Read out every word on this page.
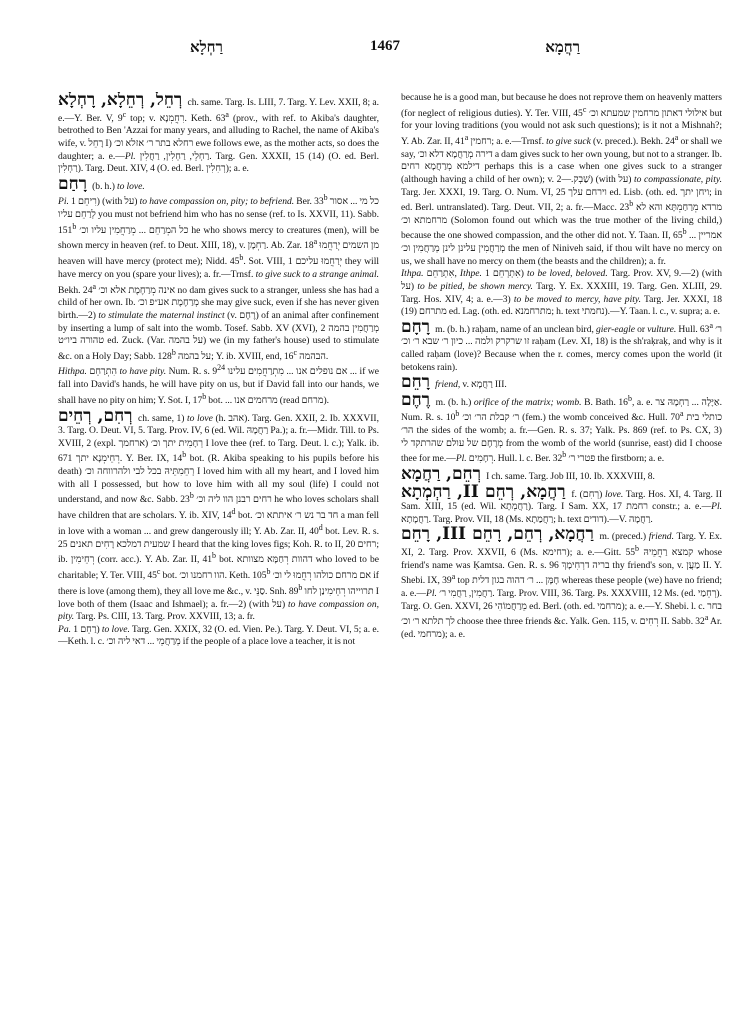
רַחְלָא	1467	רַחֲמָא

רְחֵל, רְחֵלָא, רָחְלָא ch. same. Targ. Is. LIII, 7. Targ. Y. Lev. XXII, 8; a. e.—Y. Ber. V, 9$^c$ top; v. רִחֲמְנָא. Keth. 63$^a$ (prov., with ref. to Akiba's daughter, betrothed to Ben 'Azzai for many years, and alluding to Rachel, the name of Akiba's wife, v. רָחֵל I) רחלא בתר ר׳ אזלא וכ׳ ewe follows ewe, as the mother acts, so does the daughter; a. e.—Pl. רַחְלֵי, רַחְלִין, רַחֲלִין. Targ. Gen. XXXII, 15 (14) (O. ed. Berl. רַחְלִין). Targ. Deut. XIV, 4 (O. ed. Berl. רְחִלִין); a. e.

רָחַם (b. h.) to love.
Pi. רִיחֵם 1) (with על) to have compassion on, pity; to befriend. Ber. 33$^b$ כל מי ... אסור לְרַחֵם עליו you must not befriend him who has no sense (ref. to Is. XXVII, 11). Sabb. 151$^b$ כל המְרַחֵם ... מְרַחֲמִין עליו וכ׳ he who shows mercy to creatures (men), will be shown mercy in heaven (ref. to Deut. XIII, 18), v. רַחְמָן. Ab. Zar. 18$^a$ מן השמים יְרַחֲמוּ heaven will have mercy (protect me); Nidd. 45$^b$. Sot. VIII, 1 יְרַחֲמוּ עליכם they will have mercy on you (spare your lives); a. fr.—Trnsf. to give suck to a strange animal. Bekh. 24$^a$ אינה מְרַחֶמֶת אלא וכ׳ no dam gives suck to a stranger, unless she has had a child of her own. Ib. מְרַחֶמֶת אע״פ וכ׳ she may give suck, even if she has never given birth.—2) to stimulate the maternal instinct (v. רֶחֶם) of an animal after confinement by inserting a lump of salt into the womb. Tosef. Sabb. XV (XVI), 2 מְרַחֲמִין בהמה טהורה ביו״ט ed. Zuck. (Var. על בהמה) we (in my father's house) used to stimulate &c. on a Holy Day; Sabb. 128$^b$ על בהמה; Y. ib. XVIII, end, 16$^c$ הבהמה.
Hithpa. הִתְרַחֵם to have pity. Num. R. s. $9^{24}$ אם נופלים אנו ... מִתְרַחֲמִים עלינו ... if we fall into David's hands, he will have pity on us, but if David fall into our hands, we shall have no pity on him; Y. Sot. I, 17$^b$ bot. ... מרחמים אנו (read מרחם).

רְחִם, רְחֵים ch. same, 1) to love (h. אהב). Targ. Gen. XXII, 2. Ib. XXXVII, 3. Targ. O. Deut. VI, 5. Targ. Prov. IV, 6 (ed. Wil. רַחֲמָהּ Pa.); a. fr.—Midr. Till. to Ps. XVIII, 2 (expl. ארחמך) רְחָמִית יתך וכ׳ I love thee (ref. to Targ. Deut. l. c.); Yalk. ib. 671 רְחֵימְנָא יתך. Y. Ber. IX, 14$^b$ bot. (R. Akiba speaking to his pupils before his death) רְחֵמִתֵּיהּ בכל לבי ולהרווחה וכ׳ I loved him with all my heart, and I loved him with all I possessed, but how to love him with all my soul (life) I could not understand, and now &c. Sabb. 23$^b$ רחים רבנן הוו ליה וכ׳ he who loves scholars shall have children that are scholars. Y. ib. XIV, 14$^d$ bot. חד בר נש ר׳ איתתא וכ׳ a man fell in love with a woman ... and grew dangerously ill; Y. Ab. Zar. II, 40$^d$ bot. Lev. R. s. 25 שמעית דמלכא רָחִים תאנים I heard that the king loves figs; Koh. R. to II, 20 רחים; ib. רְחֵימִין (corr. acc.). Y. Ab. Zar. II, 41$^b$ bot. דהוות רְחַמָּא מצוותא who loved to be charitable; Y. Ter. VIII, 45$^c$ bot. הוו רחמנו וכ׳. Keth. 105$^b$ אם מרחם כולהו רְחֲמוּ לי וכ׳ if there is love (among them), they all love me &c., v. סַנֵּי. Snh. 89$^b$ תרוייהו רְחֵימִינַן לחו I love both of them (Isaac and Ishmael); a. fr.—2) (with על) to have compassion on, pity. Targ. Ps. CIII, 13. Targ. Prov. XXVIII, 13; a. fr.
Pa. רַחֵם 1) to love. Targ. Gen. XXIX, 32 (O. ed. Vien. Pe.). Targ. Y. Deut. VI, 5; a. e.—Keth. l. c. מְרַחֲמֵי ... דאי ליה וכ׳ if the people of a place love a teacher, it is not

because he is a good man, but because he does not reprove them on heavenly matters (for neglect of religious duties). Y. Ter. VIII, 45$^c$ אילולי דאתון מרחמין שמעתא וכ׳ but for your loving traditions (you would not ask such questions); is it not a Mishnah?; Y. Ab. Zar. II, 41$^a$ רחמין; a. e.—Trnsf. to give suck (v. preced.). Bekh. 24$^a$ or shall we say, דירה מְרַחֲמָא דלא וכ׳ a dam gives suck to her own young, but not to a stranger. Ib. דילמא מְרַחֲמָא רחים perhaps this is a case when one gives suck to a stranger (although having a child of her own); v. שַׁבְק.—2) (with על) to compassionate, pity. Targ. Jer. XXXI, 19. Targ. O. Num. VI, 25 וירחם עלך ed. Lisb. (oth. ed. ויחן יתך; in ed. Berl. untranslated). Targ. Deut. VII, 2; a. fr.—Macc. 23$^b$ מרדא מְרַחַמְתָּא והא לא מרחמתא וכ׳ (Solomon found out which was the true mother of the living child,) because the one showed compassion, and the other did not. Y. Taan. II, 65$^b$ אמריין ... מְרַחֲמִין עלינן לינן מְרַחֲמִין וכ׳ the men of Niniveh said, if thou wilt have no mercy on us, we shall have no mercy on them (the beasts and the children); a. fr.
Ithpa. אִתְרַחֵם, Ithpe. אִתְרְחֵם 1) to be loved, beloved. Targ. Prov. XV, 9.—2) (with על) to be pitied, be shown mercy. Targ. Y. Ex. XXXIII, 19. Targ. Gen. XLIII, 29. Targ. Hos. XIV, 4; a. e.—3) to be moved to mercy, have pity. Targ. Jer. XXXI, 18 (19) מתרחם ed. Lag. (oth. ed. מתרחמנא; h. text נחמתי).—Y. Taan. l. c., v. supra; a. e.

רָחָם m. (b. h.) raḥam, name of an unclean bird, gier-eagle or vulture. Hull. 63$^a$ ר׳ זו שרקרק ולמה ... כיון ר׳ שבא ר׳ וכ׳ raḥam (Lev. XI, 18) is the sh'raḳraḳ, and why is it called raḥam (love)? Because when the r. comes, mercy comes upon the world (it betokens rain).

רָחֵם friend, v. רַחֲמָא III.

רֶחֶם m. (b. h.) orifice of the matrix; womb. B. Bath. 16$^b$, a. e. אַיָּלָה ... רַחְמָהּ צר. Num. R. s. 10$^b$ ר׳ קבלת הר׳ וכ׳ (fem.) the womb conceived &c. Hull. 70$^a$ כותלי בית הר׳ the sides of the womb; a. fr.—Gen. R. s. 37; Yalk. Ps. 869 (ref. to Ps. CX, 3) מְרֶחֶם של עולם שהרתקד לי from the womb of the world (sunrise, east) did I choose thee for me.—Pl. רְחָמִים. Hull. l. c. Ber. 32$^b$ פטרי ר׳ the firstborn; a. e.

רְחֵם, רַחֲמָא I ch. same. Targ. Job III, 10. Ib. XXXVIII, 8.

רַחֲמָא, רְחֵם II, רַחְמְתָא f. (רְחִם) love. Targ. Hos. XI, 4. Targ. II Sam. XIII, 15 (ed. Wil. רַחֲמְתָא). Targ. I Sam. XX, 17 רחמת constr.; a. e.—Pl. רַחֲמָתָא. Targ. Prov. VII, 18 (Ms. רַחֲמַתָא; h. text דודים).—V. רַחֲמָה.

רַחֲמָא, רְחֵם, רָחֵם III, רָחֵם m. (preced.) friend. Targ. Y. Ex. XI, 2. Targ. Prov. XXVII, 6 (Ms. רחימא); a. e.—Gitt. 55$^b$ קמצא רַחֲמֵיהּ whose friend's name was Ḳamtsa. Gen. R. s. 96 בריה דרְחִימָךְ thy friend's son, v. מַעֲן II. Y. Shebi. IX, 39$^a$ top חָמָּן ... ר׳ דהוה בגון דלית whereas these people (we) have no friend; a. e.—Pl. רַחֲמִין, רַחֲמִי ר׳. Targ. Prov. VIII, 36. Targ. Ps. XXXVIII, 12 Ms. (ed. רְחֵמַי). Targ. O. Gen. XXVI, 26 מֵרַחֲמוֹהִי ed. Berl. (oth. ed. מרחמי); a. e.—Y. Shebi. l. c. בחר לך תלתא ר׳ וכ׳ choose thee three friends &c. Yalk. Gen. 115, v. רְחִים II. Sabb. 32$^a$ Ar. (ed. מרחמי); a. e.
